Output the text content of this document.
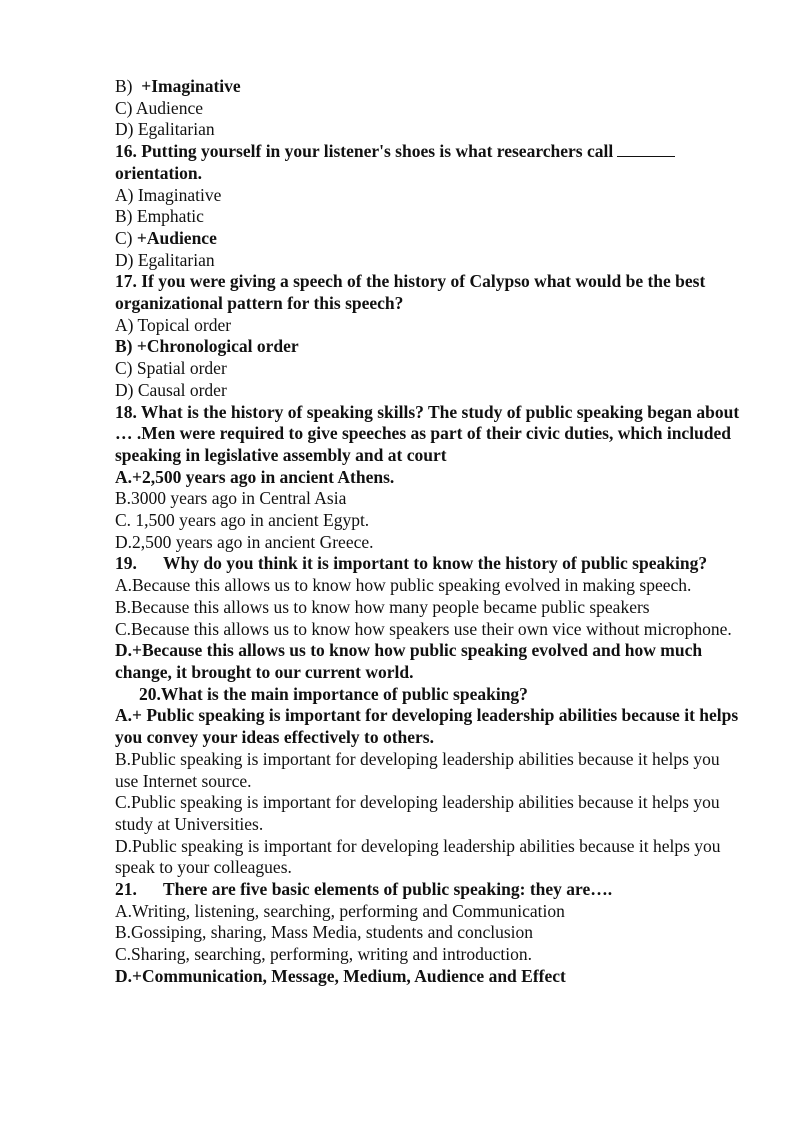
B) +Imaginative
C) Audience
D) Egalitarian
16. Putting yourself in your listener's shoes is what researchers call
orientation.
A) Imaginative
B) Emphatic
C) +Audience
D) Egalitarian
17. If you were giving a speech of the history of Calypso what would be the best organizational pattern for this speech?
A) Topical order
B) +Chronological order
C) Spatial order
D) Causal order
18. What is the history of speaking skills? The study of public speaking began about … .Men were required to give speeches as part of their civic duties, which included speaking in legislative assembly and at court
A.+2,500 years ago in ancient Athens.
B.3000 years ago in Central Asia
C. 1,500 years ago in ancient Egypt.
D.2,500 years ago in ancient Greece.
19.	Why do you think it is important to know the history of public speaking?
A.Because this allows us to know how public speaking evolved in making speech.
B.Because this allows us to know how many people became public speakers
C.Because this allows us to know how speakers use their own vice without microphone.
D.+Because this allows us to know how public speaking evolved and how much change, it brought to our current world.
20.What is the main importance of public speaking?
A.+ Public speaking is important for developing leadership abilities because it helps you convey your ideas effectively to others.
B.Public speaking is important for developing leadership abilities because it helps you use Internet source.
C.Public speaking is important for developing leadership abilities because it helps you study at Universities.
D.Public speaking is important for developing leadership abilities because it helps you speak to your colleagues.
21.	There are five basic elements of public speaking: they are….
A.Writing, listening, searching, performing and Communication
B.Gossiping, sharing, Mass Media, students and conclusion
C.Sharing, searching, performing, writing and introduction.
D.+Communication, Message, Medium, Audience and Effect
